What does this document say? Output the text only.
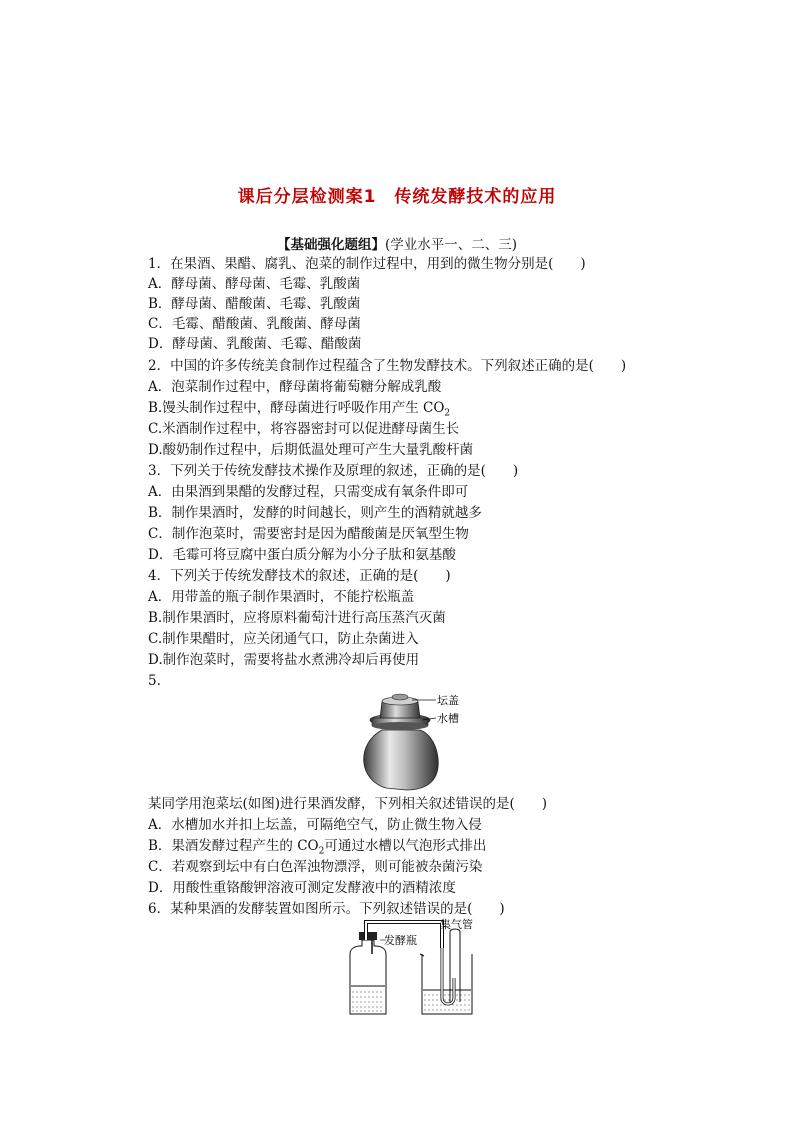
课后分层检测案1　传统发酵技术的应用
【基础强化题组】(学业水平一、二、三)
1．在果酒、果醋、腐乳、泡菜的制作过程中，用到的微生物分别是(　　)
A．酵母菌、酵母菌、毛霉、乳酸菌
B．酵母菌、醋酸菌、毛霉、乳酸菌
C．毛霉、醋酸菌、乳酸菌、酵母菌
D．酵母菌、乳酸菌、毛霉、醋酸菌
2．中国的许多传统美食制作过程蕴含了生物发酵技术。下列叙述正确的是(　　)
A．泡菜制作过程中，酵母菌将葡萄糖分解成乳酸
B.馒头制作过程中，酵母菌进行呼吸作用产生 $CO_2$
C.米酒制作过程中，将容器密封可以促进酵母菌生长
D.酸奶制作过程中，后期低温处理可产生大量乳酸杆菌
3．下列关于传统发酵技术操作及原理的叙述，正确的是(　　)
A．由果酒到果醋的发酵过程，只需变成有氧条件即可
B．制作果酒时，发酵的时间越长，则产生的酒精就越多
C．制作泡菜时，需要密封是因为醋酸菌是厌氧型生物
D．毛霉可将豆腐中蛋白质分解为小分子肽和氨基酸
4．下列关于传统发酵技术的叙述，正确的是(　　)
A．用带盖的瓶子制作果酒时，不能拧松瓶盖
B.制作果酒时，应将原料葡萄汁进行高压蒸汽灭菌
C.制作果醋时，应关闭通气口，防止杂菌进入
D.制作泡菜时，需要将盐水煮沸冷却后再使用
5.
坛盖
水槽
某同学用泡菜坛(如图)进行果酒发酵，下列相关叙述错误的是(　　)
A．水槽加水并扣上坛盖，可隔绝空气，防止微生物入侵
B．果酒发酵过程产生的 $CO_2$可通过水槽以气泡形式排出
C．若观察到坛中有白色浑浊物漂浮，则可能被杂菌污染
D．用酸性重铬酸钾溶液可测定发酵液中的酒精浓度
6．某种果酒的发酵装置如图所示。下列叙述错误的是(　　)
发酵瓶
集气管
